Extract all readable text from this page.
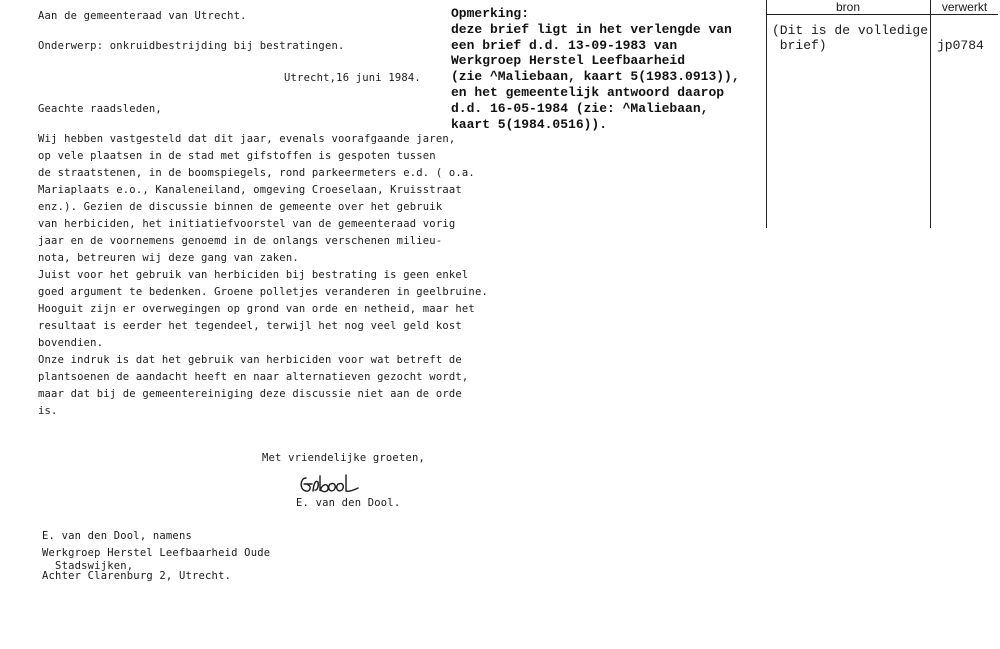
Aan de gemeenteraad van Utrecht.
Onderwerp: onkruidbestrijding bij bestratingen.
Utrecht,16 juni 1984.
Geachte raadsleden,
Wij hebben vastgesteld dat dit jaar, evenals voorafgaande jaren,
op vele plaatsen in de stad met gifstoffen is gespoten tussen
de straatstenen, in de boomspiegels, rond parkeermeters e.d. ( o.a.
Mariaplaats e.o., Kanaleneiland, omgeving Croeselaan, Kruisstraat
enz.). Gezien de discussie binnen de gemeente over het gebruik
van herbiciden, het initiatiefvoorstel van de gemeenteraad vorig
jaar en de voornemens genoemd in de onlangs verschenen milieu-
nota, betreuren wij deze gang van zaken.
Juist voor het gebruik van herbiciden bij bestrating is geen enkel
goed argument te bedenken. Groene polletjes veranderen in geelbruine.
Hooguit zijn er overwegingen op grond van orde en netheid, maar het
resultaat is eerder het tegendeel, terwijl het nog veel geld kost
bovendien.
Onze indruk is dat het gebruik van herbiciden voor wat betreft de
plantsoenen de aandacht heeft en naar alternatieven gezocht wordt,
maar dat bij de gemeentereiniging deze discussie niet aan de orde
is.
Met vriendelijke groeten,
E. van den Dool.
E. van den Dool, namens
Werkgroep Herstel Leefbaarheid Oude
Stadswijken,
Achter Clarenburg 2, Utrecht.
Opmerking:
deze brief ligt in het verlengde van
een brief d.d. 13-09-1983 van
Werkgroep Herstel Leefbaarheid
(zie ^Maliebaan, kaart 5(1983.0913)),
en het gemeentelijk antwoord daarop
d.d. 16-05-1984 (zie: ^Maliebaan,
kaart 5(1984.0516)).
bron	verwerkt
(Dit is de volledige
brief)	jp0784
